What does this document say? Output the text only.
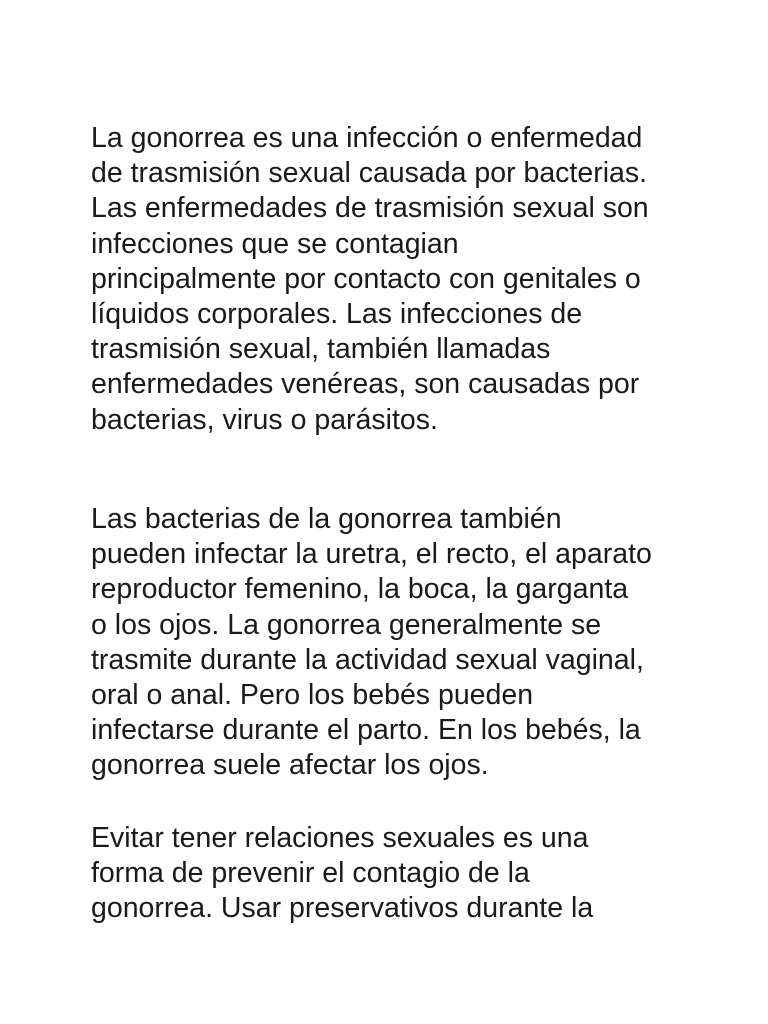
La gonorrea es una infección o enfermedad
de trasmisión sexual causada por bacterias.
Las enfermedades de trasmisión sexual son
infecciones que se contagian
principalmente por contacto con genitales o
líquidos corporales. Las infecciones de
trasmisión sexual, también llamadas
enfermedades venéreas, son causadas por
bacterias, virus o parásitos.

Las bacterias de la gonorrea también
pueden infectar la uretra, el recto, el aparato
reproductor femenino, la boca, la garganta
o los ojos. La gonorrea generalmente se
trasmite durante la actividad sexual vaginal,
oral o anal. Pero los bebés pueden
infectarse durante el parto. En los bebés, la
gonorrea suele afectar los ojos.

Evitar tener relaciones sexuales es una
forma de prevenir el contagio de la
gonorrea. Usar preservativos durante la
